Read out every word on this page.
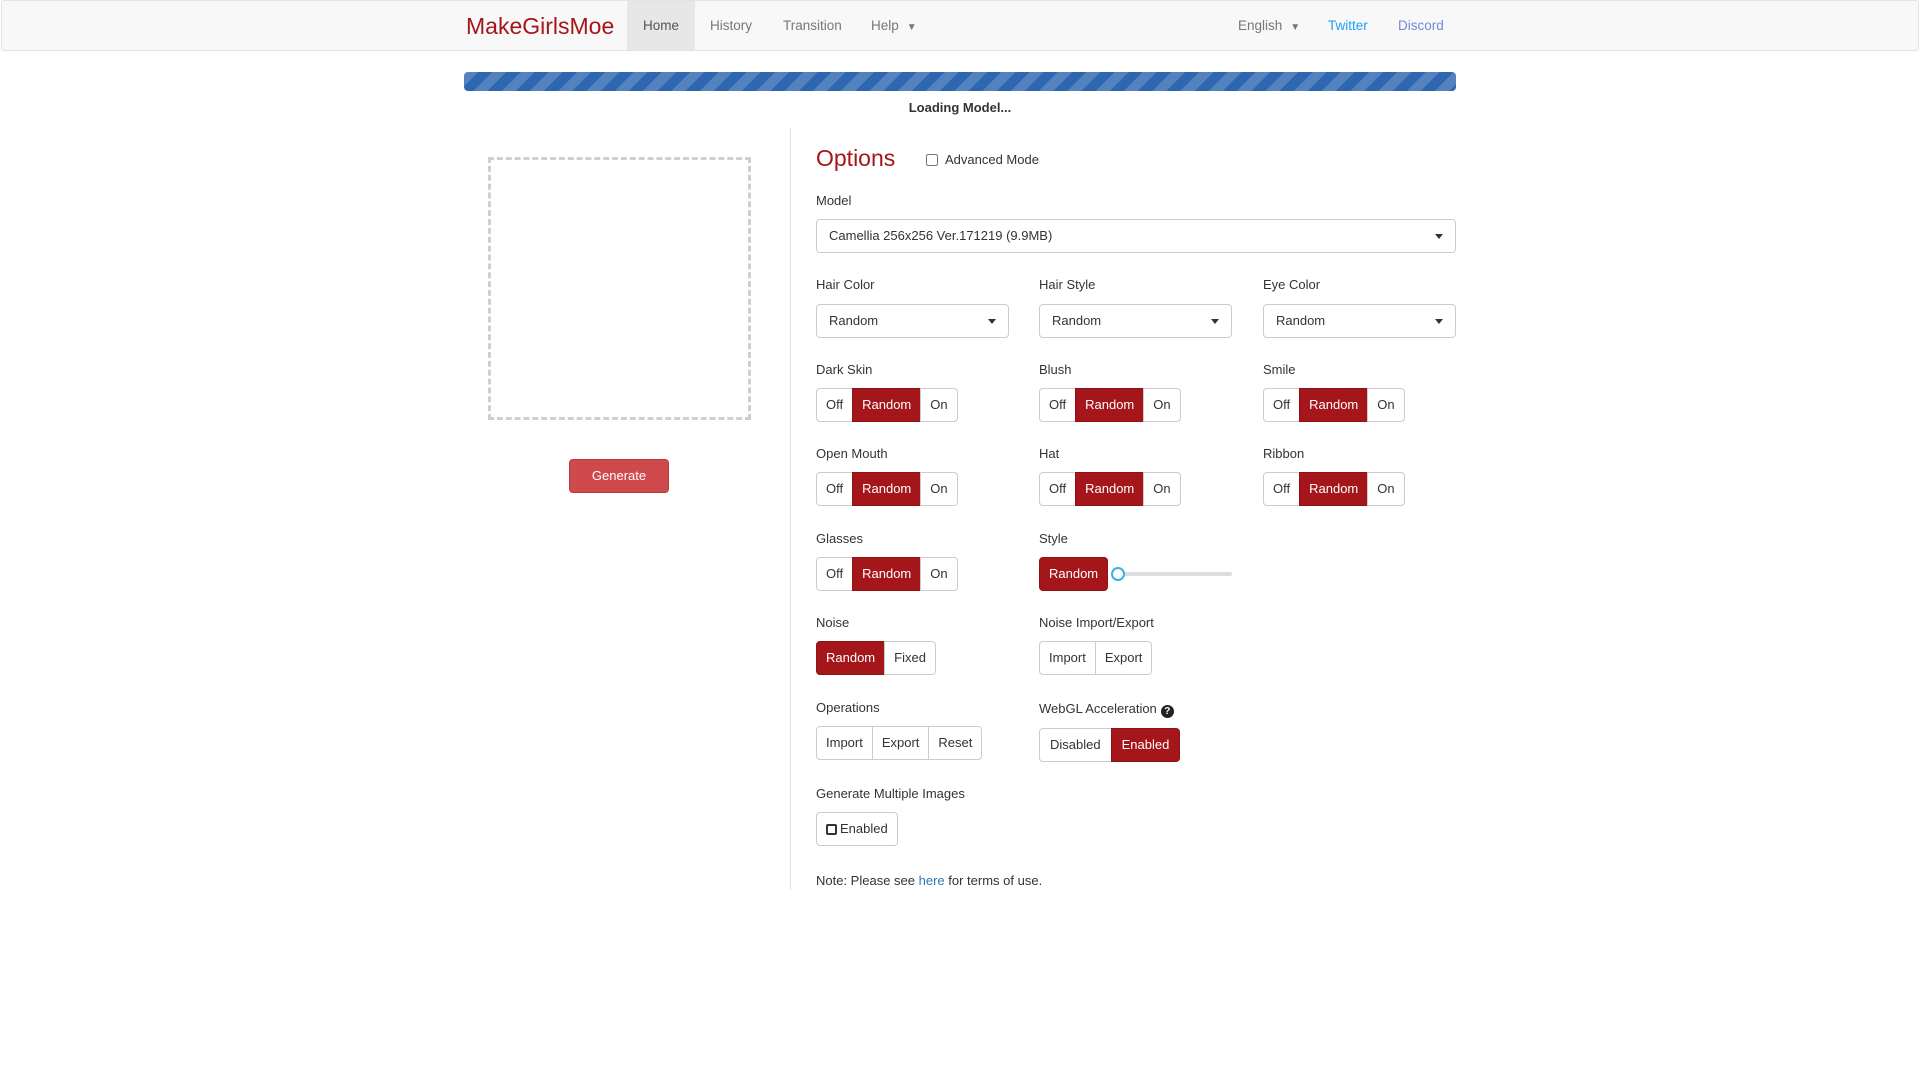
MakeGirlsMoe	Home	History Transition Help ▼	English ▼ Twitter Discord
Loading Model...
Generate
Options	Advanced Mode
Model
Camellia 256x256 Ver.171219 (9.9MB)
Hair Color
Random
Hair Style
Random
Eye Color
Random
Dark Skin
Off	Random	On
Blush
Off	Random	On
Smile
Off	Random	On
Open Mouth
Off	Random	On
Hat
Off	Random	On
Ribbon
Off	Random	On
Glasses
Off	Random	On
Style
Random
Noise
Random	Fixed
Noise Import/Export
Import	Export
Operations
Import	Export	Reset
WebGL Acceleration ?
Disabled	Enabled
Generate Multiple Images
Enabled
Note: Please see here for terms of use.
